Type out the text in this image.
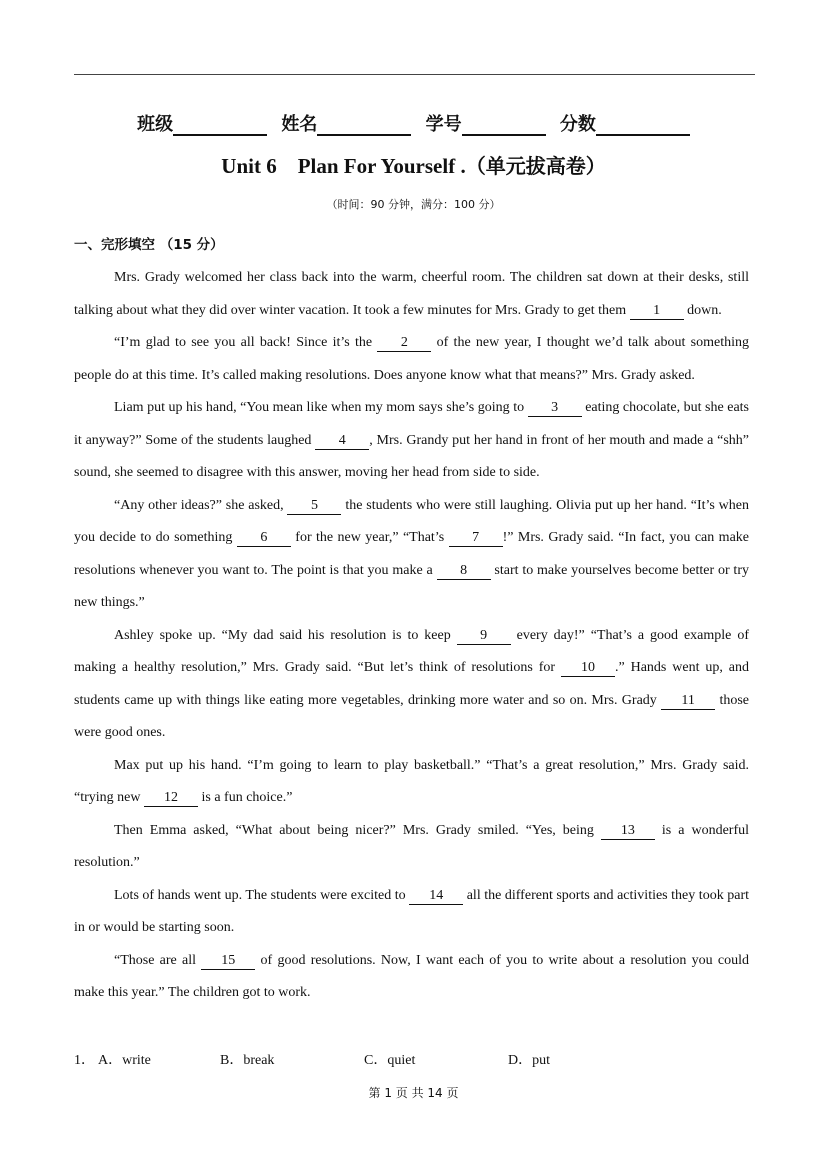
班级	姓名	学号	分数
Unit 6　Plan For Yourself .（单元拔高卷）
（时间：90 分钟，满分：100 分）
一、完形填空 （15 分）

Mrs. Grady welcomed her class back into the warm, cheerful room. The children sat down at their desks, still talking about what they did over winter vacation. It took a few minutes for Mrs. Grady to get them 1 down.

“I’m glad to see you all back! Since it’s the 2 of the new year, I thought we’d talk about something people do at this time. It’s called making resolutions. Does anyone know what that means?” Mrs. Grady asked.

Liam put up his hand, “You mean like when my mom says she’s going to 3 eating chocolate, but she eats it anyway?” Some of the students laughed 4 , Mrs. Grandy put her hand in front of her mouth and made a “shh” sound, she seemed to disagree with this answer, moving her head from side to side.

“Any other ideas?” she asked, 5 the students who were still laughing. Olivia put up her hand. “It’s when you decide to do something 6 for the new year,” “That’s 7 !” Mrs. Grady said. “In fact, you can make resolutions whenever you want to. The point is that you make a 8 start to make yourselves become better or try new things.”

Ashley spoke up. “My dad said his resolution is to keep 9 every day!” “That’s a good example of making a healthy resolution,” Mrs. Grady said. “But let’s think of resolutions for 10 .” Hands went up, and students came up with things like eating more vegetables, drinking more water and so on. Mrs. Grady 11 those were good ones.

Max put up his hand. “I’m going to learn to play basketball.” “That’s a great resolution,” Mrs. Grady said. “trying new 12 is a fun choice.”

Then Emma asked, “What about being nicer?” Mrs. Grady smiled. “Yes, being 13 is a wonderful resolution.”

Lots of hands went up. The students were excited to 14 all the different sports and activities they took part in or would be starting soon.

“Those are all 15 of good resolutions. Now, I want each of you to write about a resolution you could make this year.” The children got to work.

1． A．write	B．break	C．quiet	D．put
第 1 页 共 14 页
